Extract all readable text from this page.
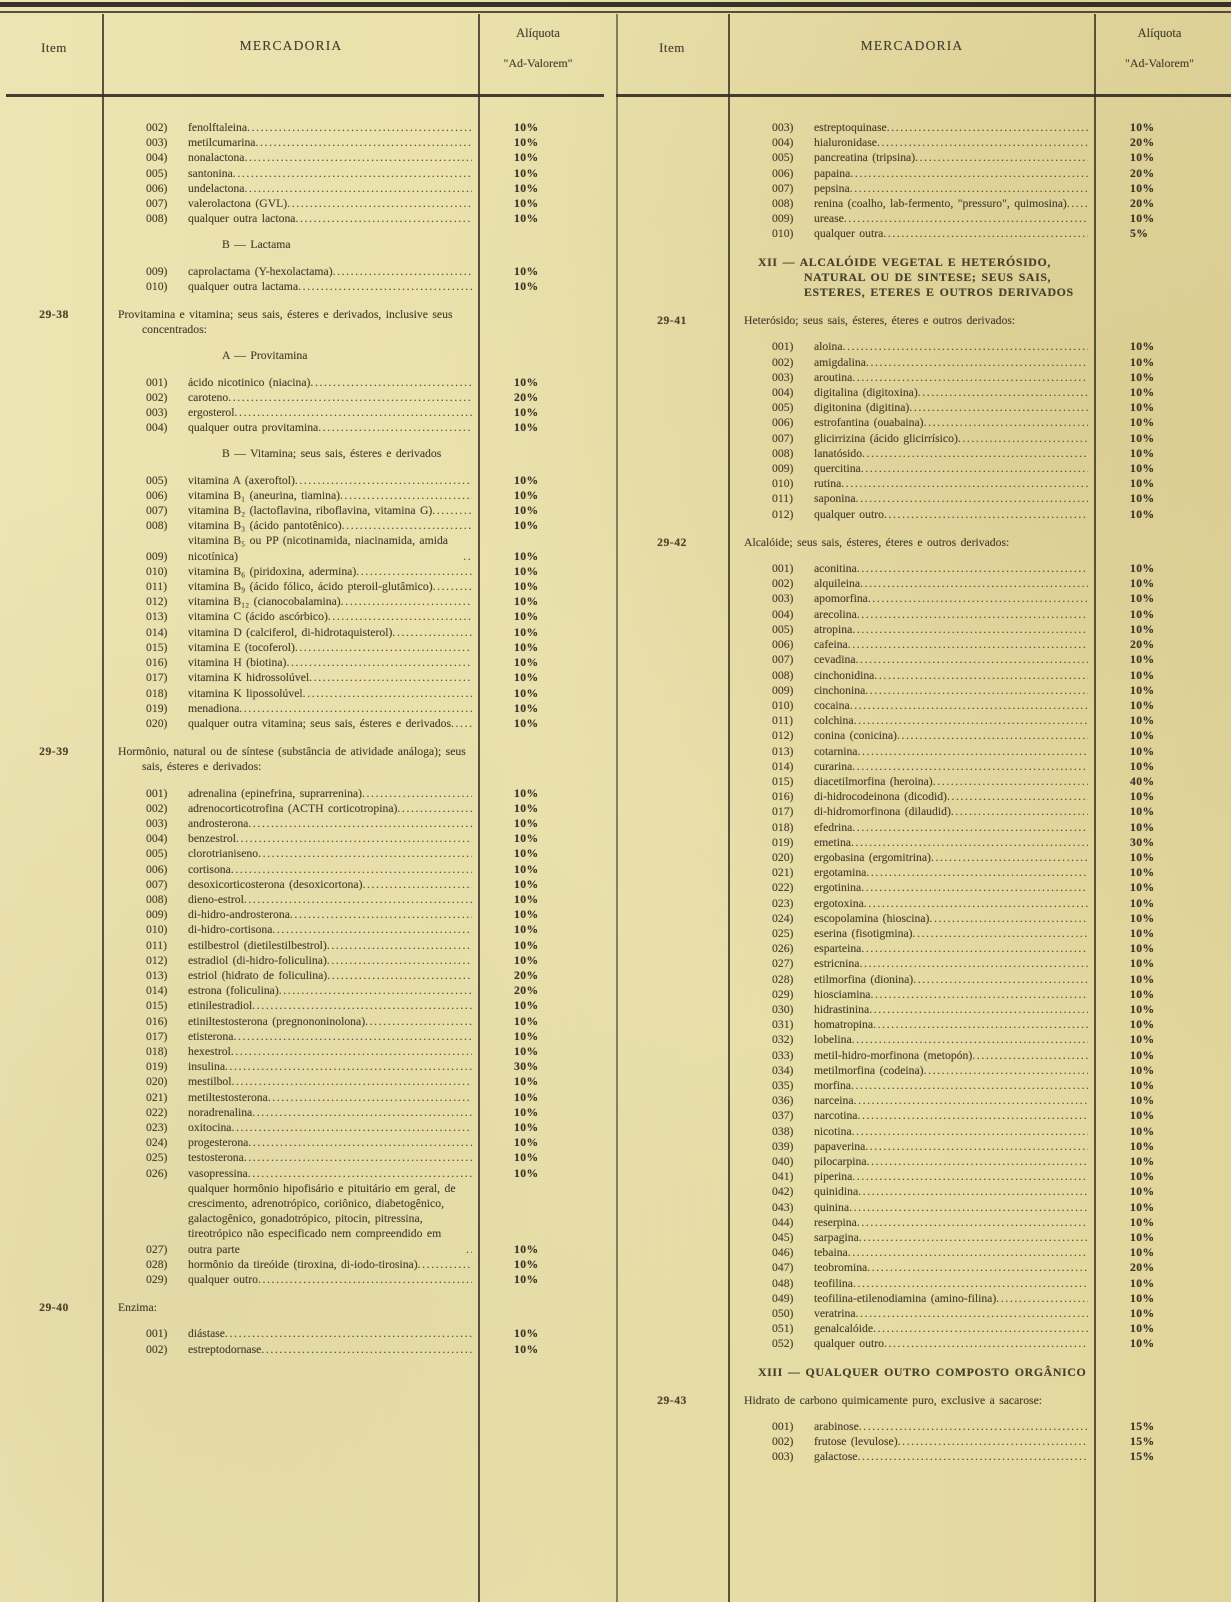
Item	MERCADORIA
Alíquota
"Ad-Valorem"
002)	fenolftaleina .....	10%
003)	metilcumarina .....	10%
004)	nonalactona .....	10%
005)	santonina .....	10%
006)	undelactona .....	10%
007)	valerolactona (GVL) .....	10%
008)	qualquer outra lactona .....	10%
B — Lactama
009)	caprolactama (Y-hexolactama) .....	10%
010)	qualquer outra lactama .....	10%
29-38	Provitamina e vitamina; seus sais, ésteres e derivados, inclusive seus concentrados:
A — Provitamina
001)	ácido nicotinico (niacina) .....	10%
002)	caroteno .....	20%
003)	ergosterol .....	10%
004)	qualquer outra provitamina .....	10%
B — Vitamina; seus sais, ésteres e derivados
005)	vitamina A (axeroftol) .....	10%
006)	vitamina B₁ (aneurina, tiamina) .....	10%
007)	vitamina B₂ (lactoflavina, riboflavina, vitamina G) .....	10%
008)	vitamina B₃ (ácido pantotênico) .....	10%
009)
vitamina B₅ ou PP (nicotinamida, niacinamida, amida nicotínica) .....	10%
010)	vitamina B₆ (piridoxina, adermina) .....	10%
011)	vitamina B₉ (ácido fólico, ácido pteroil-glutâmico) .....	10%
012)	vitamina B₁₂ (cianocobalamina) .....	10%
013)	vitamina C (ácido ascórbico) .....	10%
014)	vitamina D (calciferol, di-hidrotaquisterol) .....	10%
015)	vitamina E (tocoferol) .....	10%
016)	vitamina H (biotina) .....	10%
017)	vitamina K hidrossolúvel .....	10%
018)	vitamina K lipossolúvel .....	10%
019)	menadiona .....	10%
020)	qualquer outra vitamina; seus sais, ésteres e derivados .....	10%
29-39	Hormônio, natural ou de síntese (substância de atividade análoga); seus sais, ésteres e derivados:
001)	adrenalina (epinefrina, suprarrenina) .....	10%
002)	adrenocorticotrofina (ACTH corticotropina) .....	10%
003)	androsterona .....	10%
004)	benzestrol .....	10%
005)	clorotrianiseno .....	10%
006)	cortisona .....	10%
007)	desoxicorticosterona (desoxicortona) .....	10%
008)	dieno-estrol .....	10%
009)	di-hidro-androsterona .....	10%
010)	di-hidro-cortisona .....	10%
011)	estilbestrol (dietilestilbestrol) .....	10%
012)	estradiol (di-hidro-foliculina) .....	10%
013)	estriol (hidrato de foliculina) .....	20%
014)	estrona (foliculina) .....	20%
015)	etinilestradiol .....	10%
016)	etiniltestosterona (pregnononinolona) .....	10%
017)	etisterona .....	10%
018)	hexestrol .....	10%
019)	insulina .....	30%
020)	mestilbol .....	10%
021)	metiltestosterona .....	10%
022)	noradrenalina .....	10%
023)	oxitocina .....	10%
024)	progesterona .....	10%
025)	testosterona .....	10%
026)	vasopressina .....	10%
027)
qualquer hormônio hipofisário e pituitário em geral, de crescimento, adrenotrópico, coriônico, diabetogênico, galactogênico, gonadotrópico, pitocin, pitressina, tireotrópico não especificado nem compreendido em outra parte .....	10%
028)	hormônio da tireóide (tiroxina, di-iodo-tirosina) .....	10%
029)	qualquer outro .....	10%
29-40	Enzima:
001)	diástase .....	10%
002)	estreptodornase .....	10%
Item	MERCADORIA
Alíquota
"Ad-Valorem"
003)	estreptoquinase .....	10%
004)	hialuronidase .....	20%
005)	pancreatina (tripsina) .....	10%
006)	papaina .....	20%
007)	pepsina .....	10%
008)	renina (coalho, lab-fermento, "pressuro", quimosina) .....	20%
009)	urease .....	10%
010)	qualquer outra .....	5%
XII — ALCALÓIDE VEGETAL E HETERÓSIDO, NATURAL OU DE SINTESE; SEUS SAIS, ESTERES, ETERES E OUTROS DERIVADOS
29-41	Heterósido; seus sais, ésteres, éteres e outros derivados:
001)	aloina .....	10%
002)	amigdalina .....	10%
003)	aroutina .....	10%
004)	digitalina (digitoxina) .....	10%
005)	digitonina (digitina) .....	10%
006)	estrofantina (ouabaina) .....	10%
007)	glicirrizina (ácido glicirrísico) .....	10%
008)	lanatósido .....	10%
009)	quercitina .....	10%
010)	rutina .....	10%
011)	saponina .....	10%
012)	qualquer outro .....	10%
29-42	Alcalóide; seus sais, ésteres, éteres e outros derivados:
001)	aconitina .....	10%
002)	alquileina .....	10%
003)	apomorfina .....	10%
004)	arecolina .....	10%
005)	atropina .....	10%
006)	cafeina .....	20%
007)	cevadina .....	10%
008)	cinchonidina .....	10%
009)	cinchonina .....	10%
010)	cocaina .....	10%
011)	colchina .....	10%
012)	conina (conicina) .....	10%
013)	cotarnina .....	10%
014)	curarina .....	10%
015)	diacetilmorfina (heroina) .....	40%
016)	di-hidrocodeinona (dicodid) .....	10%
017)	di-hidromorfinona (dilaudid) .....	10%
018)	efedrina .....	10%
019)	emetina .....	30%
020)	ergobasina (ergomitrina) .....	10%
021)	ergotamina .....	10%
022)	ergotinina .....	10%
023)	ergotoxina .....	10%
024)	escopolamina (hioscina) .....	10%
025)	eserina (fisotigmina) .....	10%
026)	esparteina .....	10%
027)	estricnina .....	10%
028)	etilmorfina (dionina) .....	10%
029)	hiosciamina .....	10%
030)	hidrastinina .....	10%
031)	homatropina .....	10%
032)	lobelina .....	10%
033)	metil-hidro-morfinona (metopón) .....	10%
034)	metilmorfina (codeina) .....	10%
035)	morfina .....	10%
036)	narceina .....	10%
037)	narcotina .....	10%
038)	nicotina .....	10%
039)	papaverina .....	10%
040)	pilocarpina .....	10%
041)	piperina .....	10%
042)	quinidina .....	10%
043)	quinina .....	10%
044)	reserpina .....	10%
045)	sarpagina .....	10%
046)	tebaina .....	10%
047)	teobromina .....	20%
048)	teofilina .....	10%
049)	teofilina-etilenodiamina (amino-filina) .....	10%
050)	veratrina .....	10%
051)	genalcalóide .....	10%
052)	qualquer outro .....	10%
XIII — QUALQUER OUTRO COMPOSTO ORGÂNICO
29-43	Hidrato de carbono quimicamente puro, exclusive a sacarose:
001)	arabinose .....	15%
002)	frutose (levulose) .....	15%
003)	galactose .....	15%
